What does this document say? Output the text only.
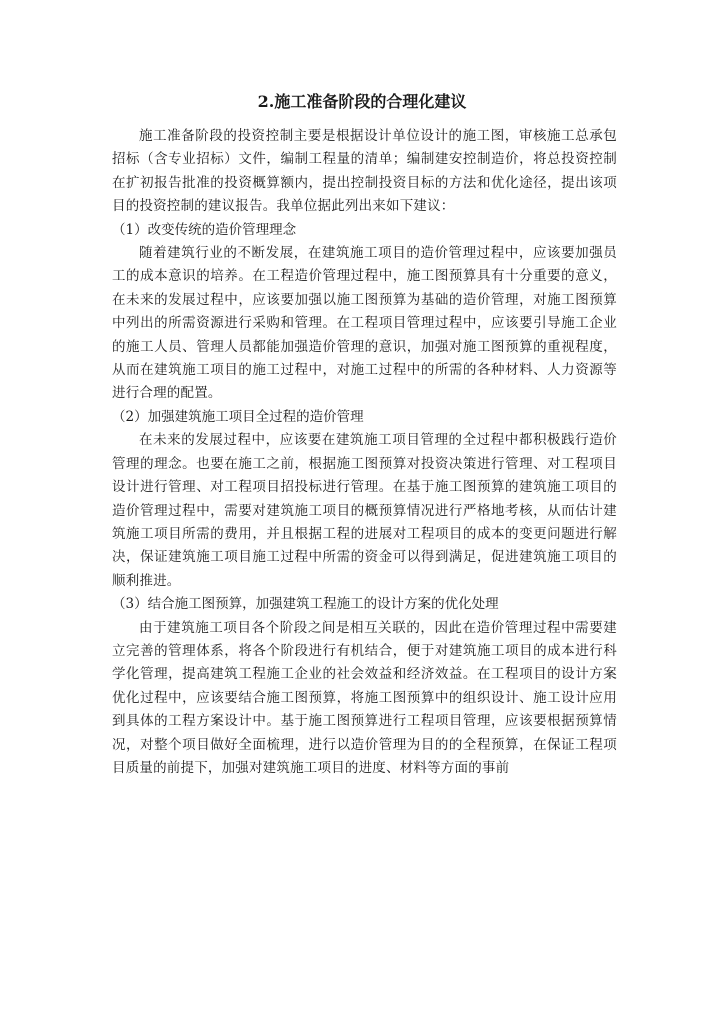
2.施工准备阶段的合理化建议

施工准备阶段的投资控制主要是根据设计单位设计的施工图，审核施工总承包招标（含专业招标）文件，编制工程量的清单；编制建安控制造价，将总投资控制在扩初报告批准的投资概算额内，提出控制投资目标的方法和优化途径，提出该项目的投资控制的建议报告。我单位据此列出来如下建议：

（1）改变传统的造价管理理念

随着建筑行业的不断发展，在建筑施工项目的造价管理过程中，应该要加强员工的成本意识的培养。在工程造价管理过程中，施工图预算具有十分重要的意义，在未来的发展过程中，应该要加强以施工图预算为基础的造价管理，对施工图预算中列出的所需资源进行采购和管理。在工程项目管理过程中，应该要引导施工企业的施工人员、管理人员都能加强造价管理的意识，加强对施工图预算的重视程度，从而在建筑施工项目的施工过程中，对施工过程中的所需的各种材料、人力资源等进行合理的配置。

（2）加强建筑施工项目全过程的造价管理

在未来的发展过程中，应该要在建筑施工项目管理的全过程中都积极践行造价管理的理念。也要在施工之前，根据施工图预算对投资决策进行管理、对工程项目设计进行管理、对工程项目招投标进行管理。在基于施工图预算的建筑施工项目的造价管理过程中，需要对建筑施工项目的概预算情况进行严格地考核，从而估计建筑施工项目所需的费用，并且根据工程的进展对工程项目的成本的变更问题进行解决，保证建筑施工项目施工过程中所需的资金可以得到满足，促进建筑施工项目的顺利推进。

（3）结合施工图预算，加强建筑工程施工的设计方案的优化处理

由于建筑施工项目各个阶段之间是相互关联的，因此在造价管理过程中需要建立完善的管理体系，将各个阶段进行有机结合，便于对建筑施工项目的成本进行科学化管理，提高建筑工程施工企业的社会效益和经济效益。在工程项目的设计方案优化过程中，应该要结合施工图预算，将施工图预算中的组织设计、施工设计应用到具体的工程方案设计中。基于施工图预算进行工程项目管理，应该要根据预算情况，对整个项目做好全面梳理，进行以造价管理为目的的全程预算，在保证工程项目质量的前提下，加强对建筑施工项目的进度、材料等方面的事前
